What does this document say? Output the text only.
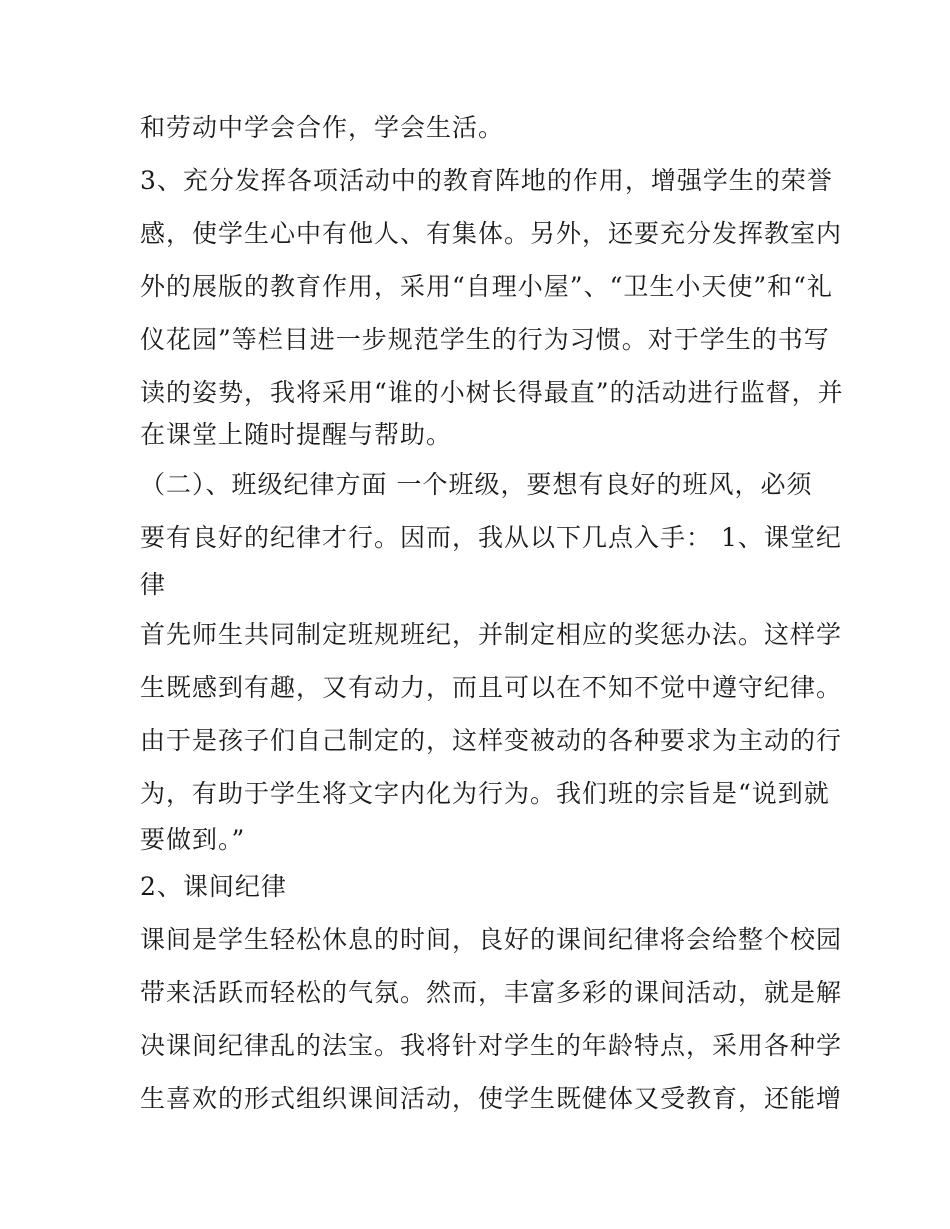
和劳动中学会合作，学会生活。
3、充分发挥各项活动中的教育阵地的作用，增强学生的荣誉
感，使学生心中有他人、有集体。另外，还要充分发挥教室内
外的展版的教育作用，采用“自理小屋”、“卫生小天使”和“礼
仪花园”等栏目进一步规范学生的行为习惯。对于学生的书写
读的姿势，我将采用“谁的小树长得最直”的活动进行监督，并
在课堂上随时提醒与帮助。
（二）、班级纪律方面 一个班级，要想有良好的班风，必须
要有良好的纪律才行。因而，我从以下几点入手： 1、课堂纪
律
首先师生共同制定班规班纪，并制定相应的奖惩办法。这样学
生既感到有趣，又有动力，而且可以在不知不觉中遵守纪律。
由于是孩子们自己制定的，这样变被动的各种要求为主动的行
为，有助于学生将文字内化为行为。我们班的宗旨是“说到就
要做到。”
2、课间纪律
课间是学生轻松休息的时间，良好的课间纪律将会给整个校园
带来活跃而轻松的气氛。然而，丰富多彩的课间活动，就是解
决课间纪律乱的法宝。我将针对学生的年龄特点，采用各种学
生喜欢的形式组织课间活动，使学生既健体又受教育，还能增
